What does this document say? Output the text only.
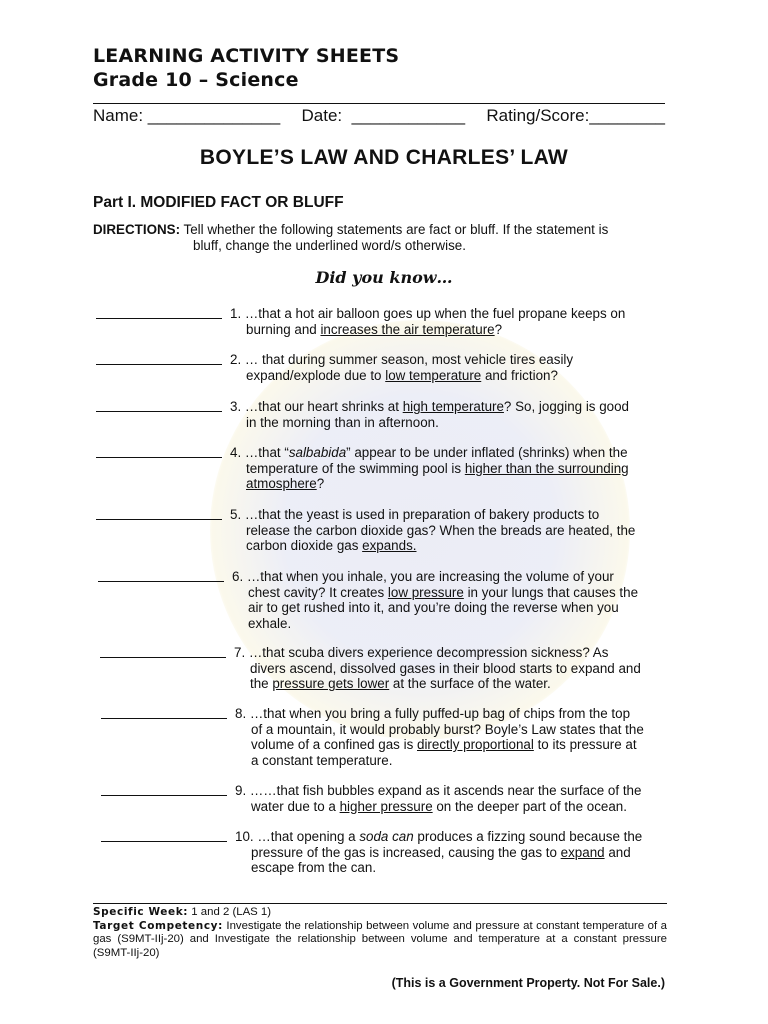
LEARNING ACTIVITY SHEETS
Grade 10 – Science
Name: ______________ Date:  ____________ Rating/Score:________
BOYLE’S LAW AND CHARLES’ LAW
Part I. MODIFIED FACT OR BLUFF
DIRECTIONS: Tell whether the following statements are fact or bluff. If the statement is
bluff, change the underlined word/s otherwise.
Did you know…
1. …that a hot air balloon goes up when the fuel propane keeps on
burning and increases the air temperature?
2. … that during summer season, most vehicle tires easily
expand/explode due to low temperature and friction?
3. …that our heart shrinks at high temperature? So, jogging is good
in the morning than in afternoon.
4. …that “salbabida” appear to be under inflated (shrinks) when the
temperature of the swimming pool is higher than the surrounding
atmosphere?
5. …that the yeast is used in preparation of bakery products to
release the carbon dioxide gas? When the breads are heated, the
carbon dioxide gas expands.
6. …that when you inhale, you are increasing the volume of your
chest cavity? It creates low pressure in your lungs that causes the
air to get rushed into it, and you’re doing the reverse when you
exhale.
7. …that scuba divers experience decompression sickness? As
divers ascend, dissolved gases in their blood starts to expand and
the pressure gets lower at the surface of the water.
8. …that when you bring a fully puffed-up bag of chips from the top
of a mountain, it would probably burst? Boyle’s Law states that the
volume of a confined gas is directly proportional to its pressure at
a constant temperature.
9. ……that fish bubbles expand as it ascends near the surface of the
water due to a higher pressure on the deeper part of the ocean.
10. …that opening a soda can produces a fizzing sound because the
pressure of the gas is increased, causing the gas to expand and
escape from the can.
Specific Week: 1 and 2 (LAS 1)
Target Competency: Investigate the relationship between volume and pressure at constant temperature of a gas (S9MT-IIj-20) and Investigate the relationship between volume and temperature at a constant pressure (S9MT-IIj-20)
(This is a Government Property. Not For Sale.)
